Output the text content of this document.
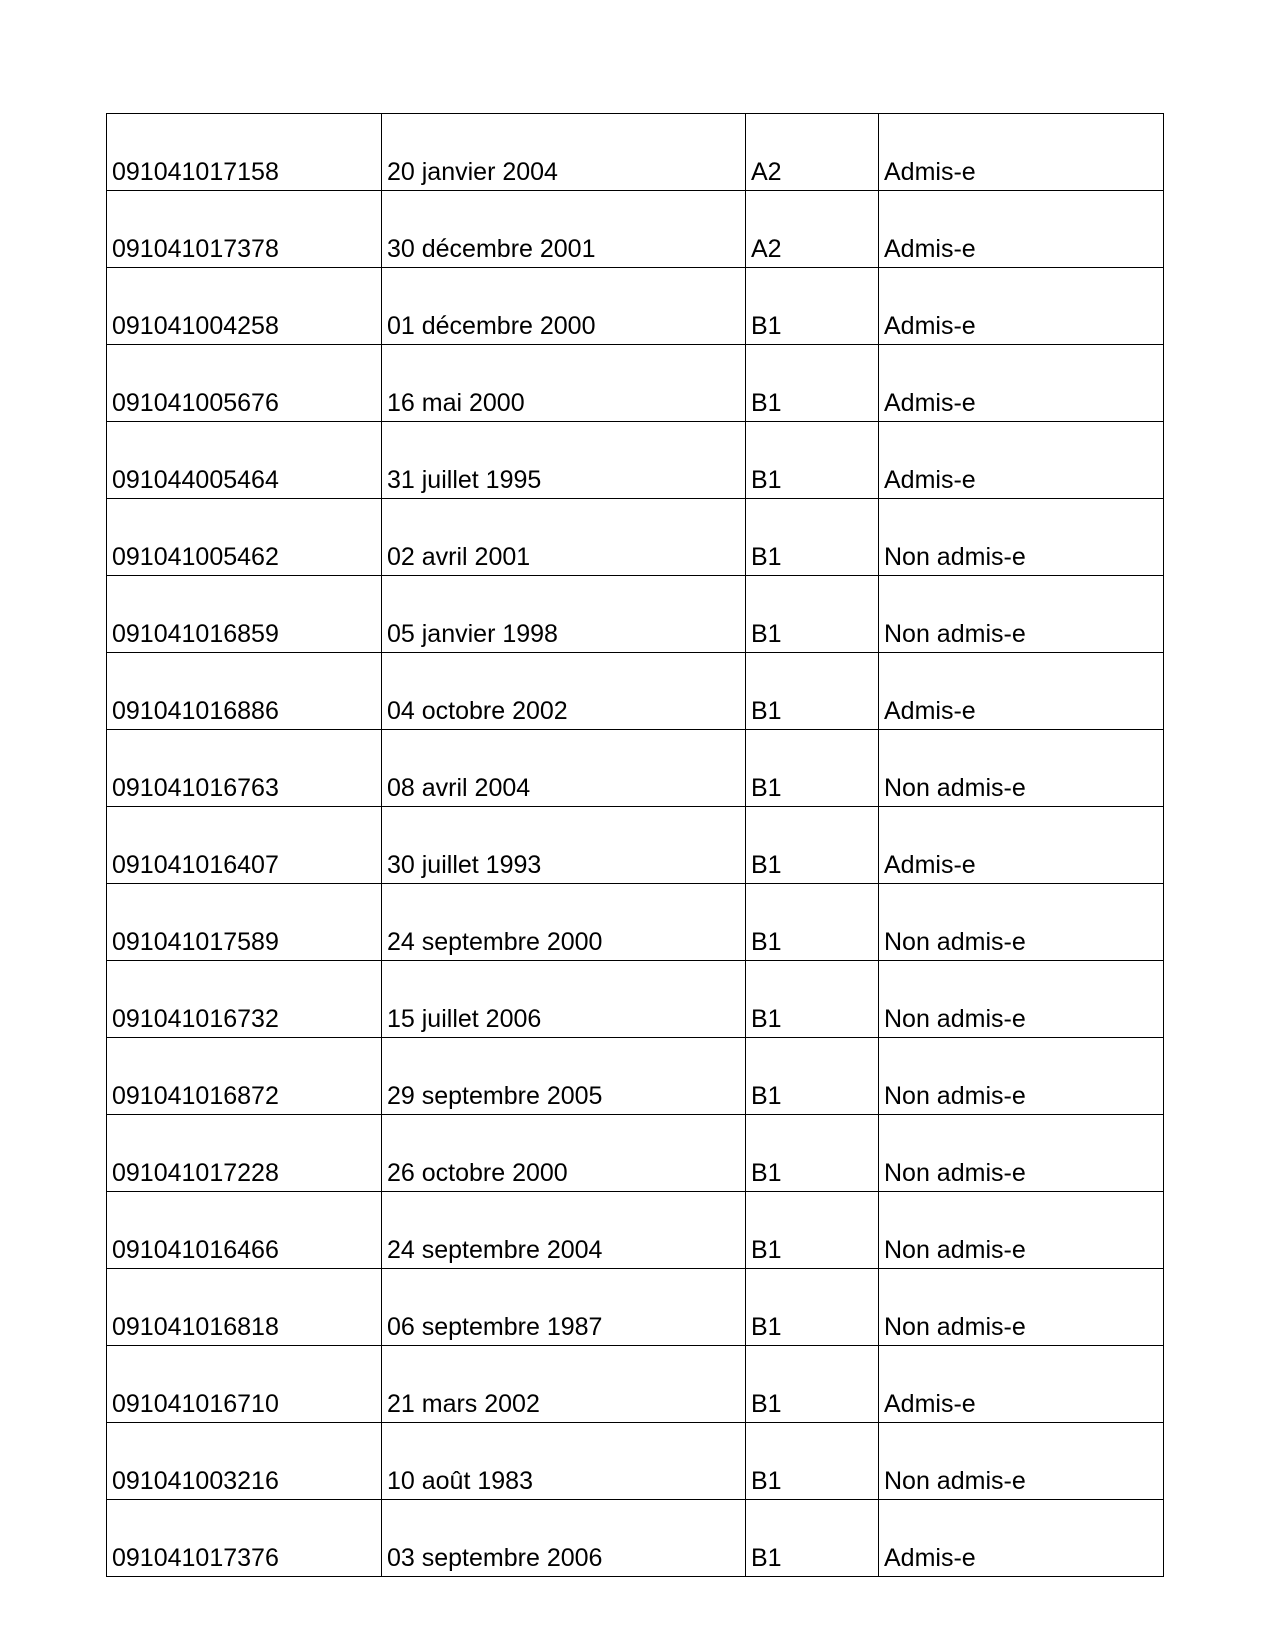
091041017158	20 janvier 2004	A2	Admis-e
091041017378	30 décembre 2001	A2	Admis-e
091041004258	01 décembre 2000	B1	Admis-e
091041005676	16 mai 2000	B1	Admis-e
091044005464	31 juillet 1995	B1	Admis-e
091041005462	02 avril 2001	B1	Non admis-e
091041016859	05 janvier 1998	B1	Non admis-e
091041016886	04 octobre 2002	B1	Admis-e
091041016763	08 avril 2004	B1	Non admis-e
091041016407	30 juillet 1993	B1	Admis-e
091041017589	24 septembre 2000	B1	Non admis-e
091041016732	15 juillet 2006	B1	Non admis-e
091041016872	29 septembre 2005	B1	Non admis-e
091041017228	26 octobre 2000	B1	Non admis-e
091041016466	24 septembre 2004	B1	Non admis-e
091041016818	06 septembre 1987	B1	Non admis-e
091041016710	21 mars 2002	B1	Admis-e
091041003216	10 août 1983	B1	Non admis-e
091041017376	03 septembre 2006	B1	Admis-e
